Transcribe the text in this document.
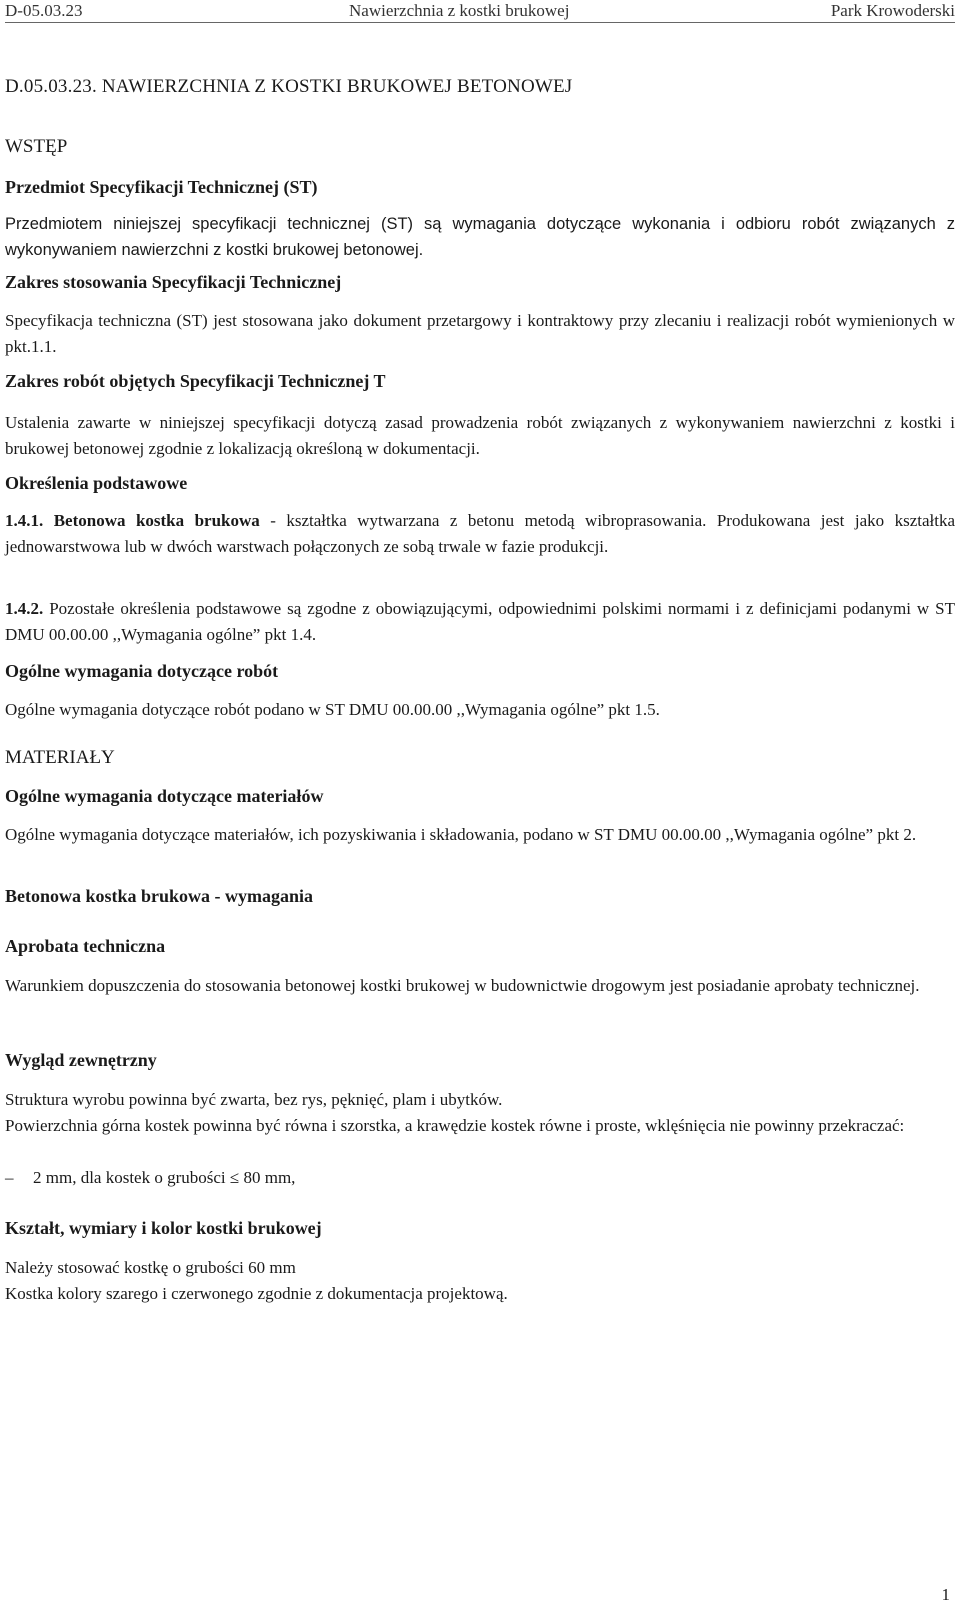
D-05.03.23	Nawierzchnia z kostki brukowej	Park Krowoderski
D.05.03.23. NAWIERZCHNIA Z KOSTKI BRUKOWEJ BETONOWEJ
WSTĘP
Przedmiot Specyfikacji Technicznej (ST)
Przedmiotem niniejszej specyfikacji technicznej (ST) są wymagania dotyczące wykonania i odbioru robót związanych z wykonywaniem nawierzchni z kostki brukowej betonowej.
Zakres stosowania Specyfikacji Technicznej
Specyfikacja techniczna (ST) jest stosowana jako dokument przetargowy i kontraktowy przy zlecaniu i realizacji robót wymienionych w pkt.1.1.
Zakres robót objętych Specyfikacji Technicznej T
Ustalenia zawarte w niniejszej specyfikacji dotyczą zasad prowadzenia robót związanych z wykonywaniem nawierzchni z kostki i brukowej betonowej zgodnie z lokalizacją określoną w dokumentacji.
Określenia podstawowe
1.4.1. Betonowa kostka brukowa - kształtka wytwarzana z betonu metodą wibroprasowania. Produkowana jest jako kształtka jednowarstwowa lub w dwóch warstwach połączonych ze sobą trwale w fazie produkcji.
1.4.2. Pozostałe określenia podstawowe są zgodne z obowiązującymi, odpowiednimi polskimi normami i z definicjami podanymi w ST DMU 00.00.00 ,,Wymagania ogólne” pkt 1.4.
Ogólne wymagania dotyczące robót
Ogólne wymagania dotyczące robót podano w ST DMU 00.00.00 ,,Wymagania ogólne” pkt 1.5.
MATERIAŁY
Ogólne wymagania dotyczące materiałów
Ogólne wymagania dotyczące materiałów, ich pozyskiwania i składowania, podano w ST DMU 00.00.00 ,,Wymagania ogólne” pkt 2.
Betonowa kostka brukowa - wymagania
Aprobata techniczna
Warunkiem dopuszczenia do stosowania betonowej kostki brukowej w budownictwie drogowym jest posiadanie aprobaty technicznej.
Wygląd zewnętrzny
Struktura wyrobu powinna być zwarta, bez rys, pęknięć, plam i ubytków.
Powierzchnia górna kostek powinna być równa i szorstka, a krawędzie kostek równe i proste, wklęśnięcia nie powinny przekraczać:
– 2 mm, dla kostek o grubości ≤ 80 mm,
Kształt, wymiary i kolor kostki brukowej
Należy stosować kostkę o grubości 60 mm
Kostka kolory szarego i czerwonego zgodnie z dokumentacja projektową.
1
